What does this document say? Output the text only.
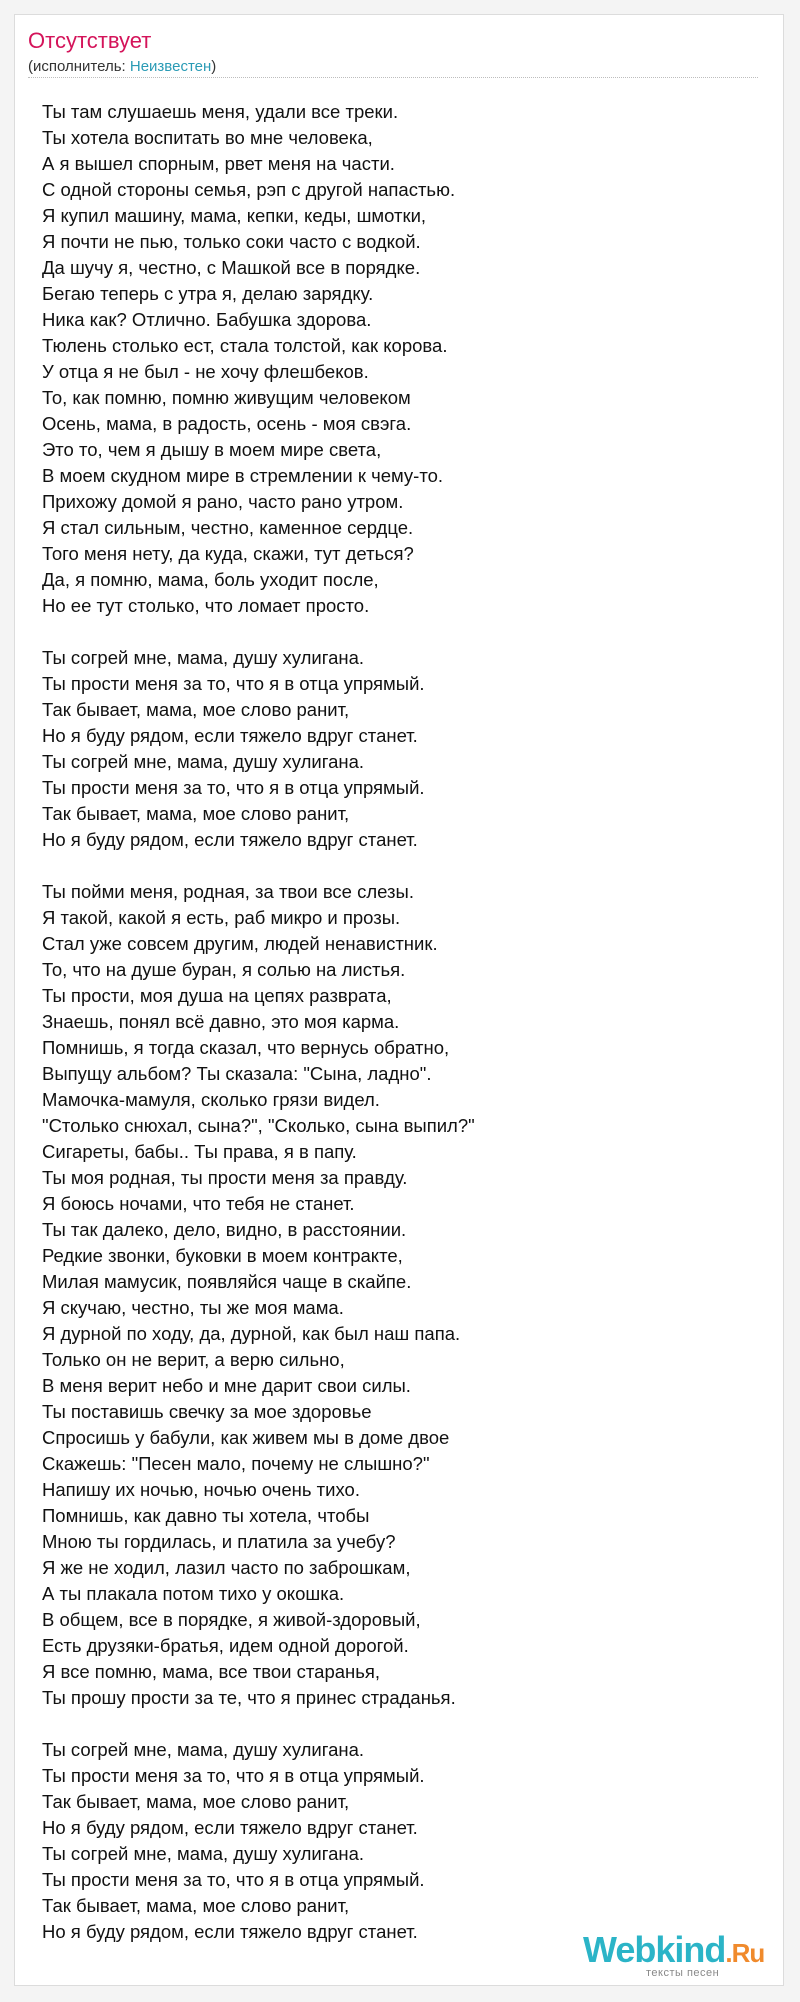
Отсутствует
(исполнитель: Неизвестен)
Ты там слушаешь меня, удали все треки.
Ты хотела воспитать во мне человека,
А я вышел спорным, рвет меня на части.
С одной стороны семья, рэп с другой напастью.
Я купил машину, мама, кепки, кеды, шмотки,
Я почти не пью, только соки часто с водкой.
Да шучу я, честно, с Машкой все в порядке.
Бегаю теперь с утра я, делаю зарядку.
Ника как? Отлично. Бабушка здорова.
Тюлень столько ест, стала толстой, как корова.
У отца я не был - не хочу флешбеков.
То, как помню, помню живущим человеком
Осень, мама, в радость, осень - моя свэга.
Это то, чем я дышу в моем мире света,
В моем скудном мире в стремлении к чему-то.
Прихожу домой я рано, часто рано утром.
Я стал сильным, честно, каменное сердце.
Того меня нету, да куда, скажи, тут деться?
Да, я помню, мама, боль уходит после,
Но ее тут столько, что ломает просто.
Ты согрей мне, мама, душу хулигана.
Ты прости меня за то, что я в отца упрямый.
Так бывает, мама, мое слово ранит,
Но я буду рядом, если тяжело вдруг станет.
Ты согрей мне, мама, душу хулигана.
Ты прости меня за то, что я в отца упрямый.
Так бывает, мама, мое слово ранит,
Но я буду рядом, если тяжело вдруг станет.
Ты пойми меня, родная, за твои все слезы.
Я такой, какой я есть, раб микро и прозы.
Стал уже совсем другим, людей ненавистник.
То, что на душе буран, я солью на листья.
Ты прости, моя душа на цепях разврата,
Знаешь, понял всё давно, это моя карма.
Помнишь, я тогда сказал, что вернусь обратно,
Выпущу альбом? Ты сказала: "Сына, ладно".
Мамочка-мамуля, сколько грязи видел.
"Столько снюхал, сына?", "Сколько, сына выпил?"
Сигареты, бабы.. Ты права, я в папу.
Ты моя родная, ты прости меня за правду.
Я боюсь ночами, что тебя не станет.
Ты так далеко, дело, видно, в расстоянии.
Редкие звонки, буковки в моем контракте,
Милая мамусик, появляйся чаще в скайпе.
Я скучаю, честно, ты же моя мама.
Я дурной по ходу, да, дурной, как был наш папа.
Только он не верит, а верю сильно,
В меня верит небо и мне дарит свои силы.
Ты поставишь свечку за мое здоровье
Спросишь у бабули, как живем мы в доме двое
Скажешь: "Песен мало, почему не слышно?"
Напишу их ночью, ночью очень тихо.
Помнишь, как давно ты хотела, чтобы
Мною ты гордилась, и платила за учебу?
Я же не ходил, лазил часто по заброшкам,
А ты плакала потом тихо у окошка.
В общем, все в порядке, я живой-здоровый,
Есть друзяки-братья, идем одной дорогой.
Я все помню, мама, все твои старанья,
Ты прошу прости за те, что я принес страданья.
Ты согрей мне, мама, душу хулигана.
Ты прости меня за то, что я в отца упрямый.
Так бывает, мама, мое слово ранит,
Но я буду рядом, если тяжело вдруг станет.
Ты согрей мне, мама, душу хулигана.
Ты прости меня за то, что я в отца упрямый.
Так бывает, мама, мое слово ранит,
Но я буду рядом, если тяжело вдруг станет.	Webkind.Ru
тексты песен
